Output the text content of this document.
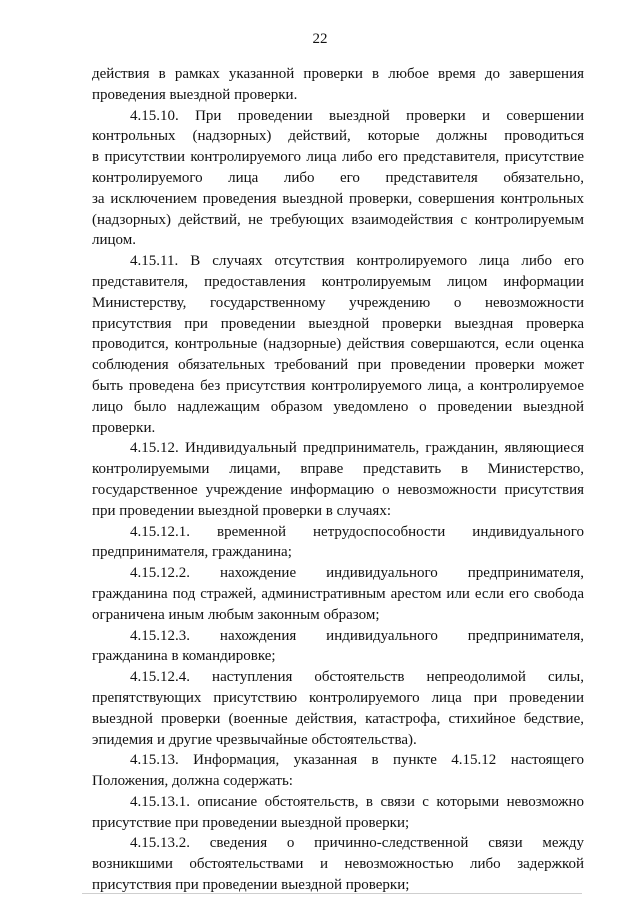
22

действия в рамках указанной проверки в любое время до завершения
проведения выездной проверки.

4.15.10. При проведении выездной проверки и совершении
контрольных (надзорных) действий, которые должны проводиться
в присутствии контролируемого лица либо его представителя, присутствие
контролируемого лица либо его представителя обязательно,
за исключением проведения выездной проверки, совершения контрольных
(надзорных) действий, не требующих взаимодействия с контролируемым
лицом.

4.15.11. В случаях отсутствия контролируемого лица либо его
представителя, предоставления контролируемым лицом информации
Министерству, государственному учреждению о невозможности
присутствия при проведении выездной проверки выездная проверка
проводится, контрольные (надзорные) действия совершаются, если оценка
соблюдения обязательных требований при проведении проверки может
быть проведена без присутствия контролируемого лица, а контролируемое
лицо было надлежащим образом уведомлено о проведении выездной
проверки.

4.15.12. Индивидуальный предприниматель, гражданин, являющиеся
контролируемыми лицами, вправе представить в Министерство,
государственное учреждение информацию о невозможности присутствия
при проведении выездной проверки в случаях:

4.15.12.1. временной нетрудоспособности индивидуального
предпринимателя, гражданина;

4.15.12.2. нахождение индивидуального предпринимателя,
гражданина под стражей, административным арестом или если его свобода
ограничена иным любым законным образом;

4.15.12.3. нахождения индивидуального предпринимателя,
гражданина в командировке;

4.15.12.4. наступления обстоятельств непреодолимой силы,
препятствующих присутствию контролируемого лица при проведении
выездной проверки (военные действия, катастрофа, стихийное бедствие,
эпидемия и другие чрезвычайные обстоятельства).

4.15.13. Информация, указанная в пункте 4.15.12 настоящего
Положения, должна содержать:

4.15.13.1. описание обстоятельств, в связи с которыми невозможно
присутствие при проведении выездной проверки;

4.15.13.2. сведения о причинно-следственной связи между
возникшими обстоятельствами и невозможностью либо задержкой
присутствия при проведении выездной проверки;
